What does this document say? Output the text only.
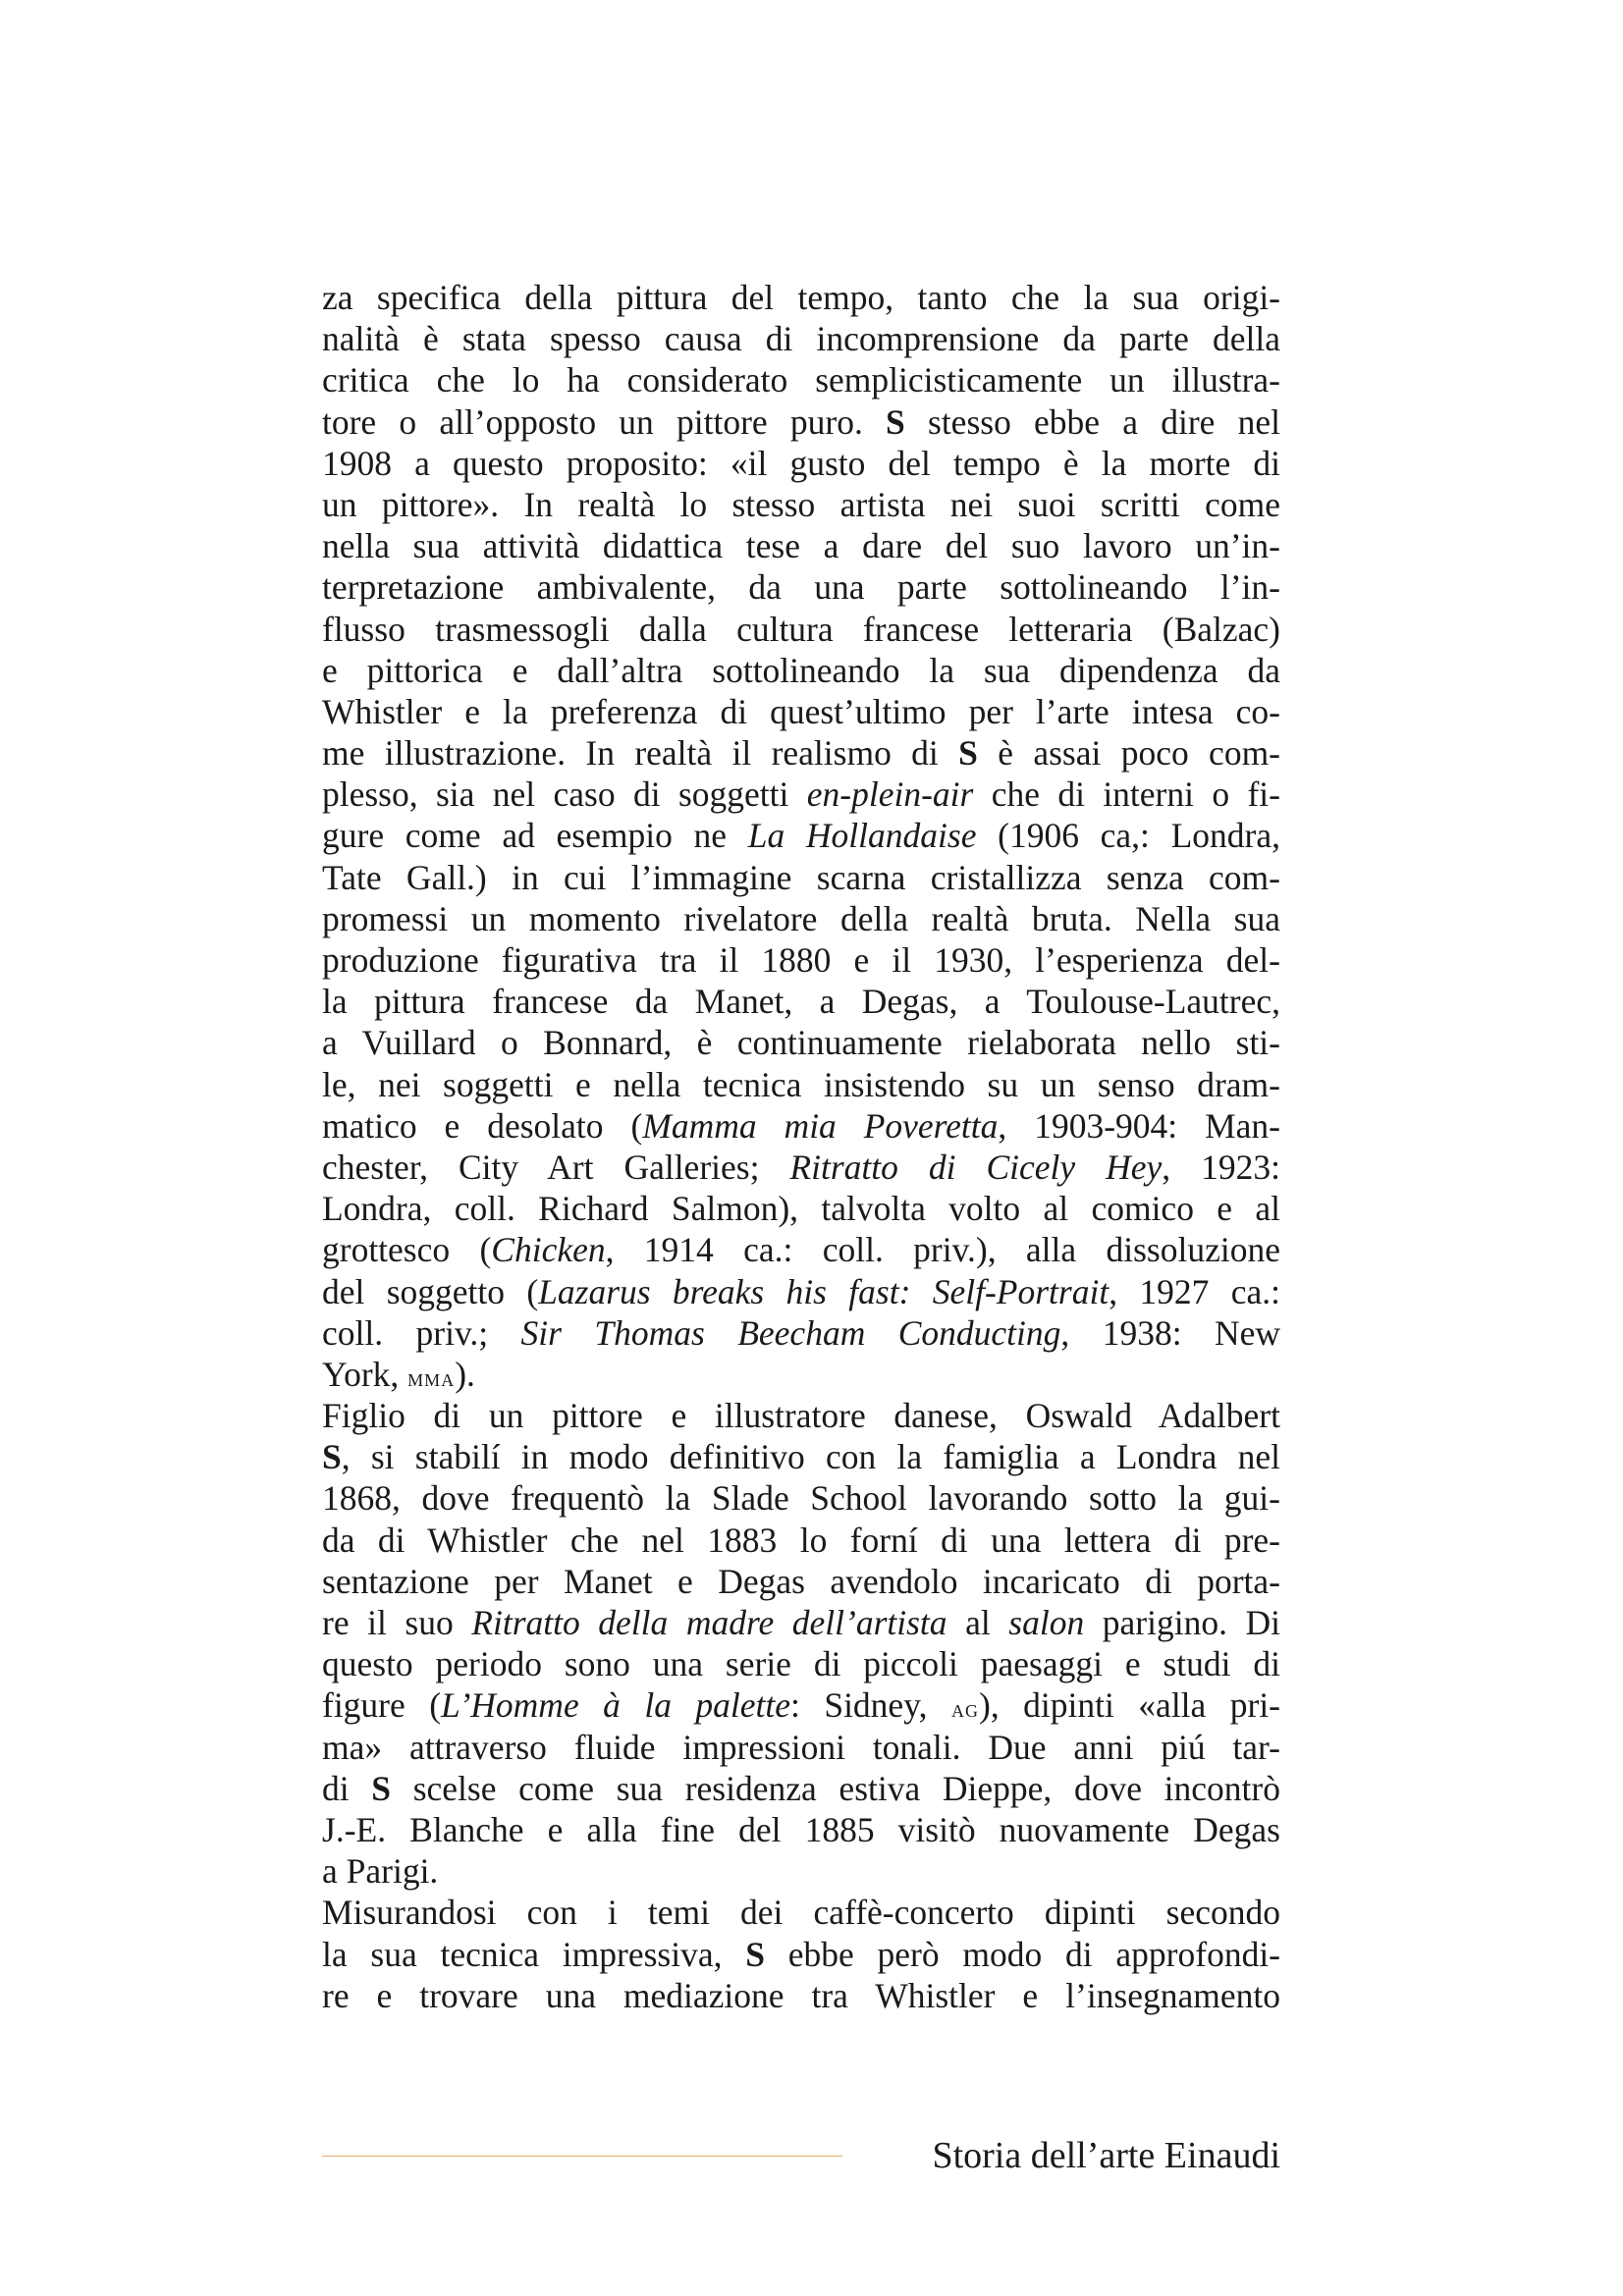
za specifica della pittura del tempo, tanto che la sua origi-
nalità è stata spesso causa di incomprensione da parte della
critica che lo ha considerato semplicisticamente un illustra-
tore o all’opposto un pittore puro. S stesso ebbe a dire nel
1908 a questo proposito: «il gusto del tempo è la morte di
un pittore». In realtà lo stesso artista nei suoi scritti come
nella sua attività didattica tese a dare del suo lavoro un’in-
terpretazione ambivalente, da una parte sottolineando l’in-
flusso trasmessogli dalla cultura francese letteraria (Balzac)
e pittorica e dall’altra sottolineando la sua dipendenza da
Whistler e la preferenza di quest’ultimo per l’arte intesa co-
me illustrazione. In realtà il realismo di S è assai poco com-
plesso, sia nel caso di soggetti en-plein-air che di interni o fi-
gure come ad esempio ne La Hollandaise (1906 ca,: Londra,
Tate Gall.) in cui l’immagine scarna cristallizza senza com-
promessi un momento rivelatore della realtà bruta. Nella sua
produzione figurativa tra il 1880 e il 1930, l’esperienza del-
la pittura francese da Manet, a Degas, a Toulouse-Lautrec,
a Vuillard o Bonnard, è continuamente rielaborata nello sti-
le, nei soggetti e nella tecnica insistendo su un senso dram-
matico e desolato (Mamma mia Poveretta, 1903-904: Man-
chester, City Art Galleries; Ritratto di Cicely Hey, 1923:
Londra, coll. Richard Salmon), talvolta volto al comico e al
grottesco (Chicken, 1914 ca.: coll. priv.), alla dissoluzione
del soggetto (Lazarus breaks his fast: Self-Portrait, 1927 ca.:
coll. priv.; Sir Thomas Beecham Conducting, 1938: New
York, mma).
Figlio di un pittore e illustratore danese, Oswald Adalbert
S, si stabilí in modo definitivo con la famiglia a Londra nel
1868, dove frequentò la Slade School lavorando sotto la gui-
da di Whistler che nel 1883 lo forní di una lettera di pre-
sentazione per Manet e Degas avendolo incaricato di porta-
re il suo Ritratto della madre dell’artista al salon parigino. Di
questo periodo sono una serie di piccoli paesaggi e studi di
figure (L’Homme à la palette: Sidney, ag), dipinti «alla pri-
ma» attraverso fluide impressioni tonali. Due anni piú tar-
di S scelse come sua residenza estiva Dieppe, dove incontrò
J.-E. Blanche e alla fine del 1885 visitò nuovamente Degas
a Parigi.
Misurandosi con i temi dei caffè-concerto dipinti secondo
la sua tecnica impressiva, S ebbe però modo di approfondi-
re e trovare una mediazione tra Whistler e l’insegnamento
Storia dell’arte Einaudi
